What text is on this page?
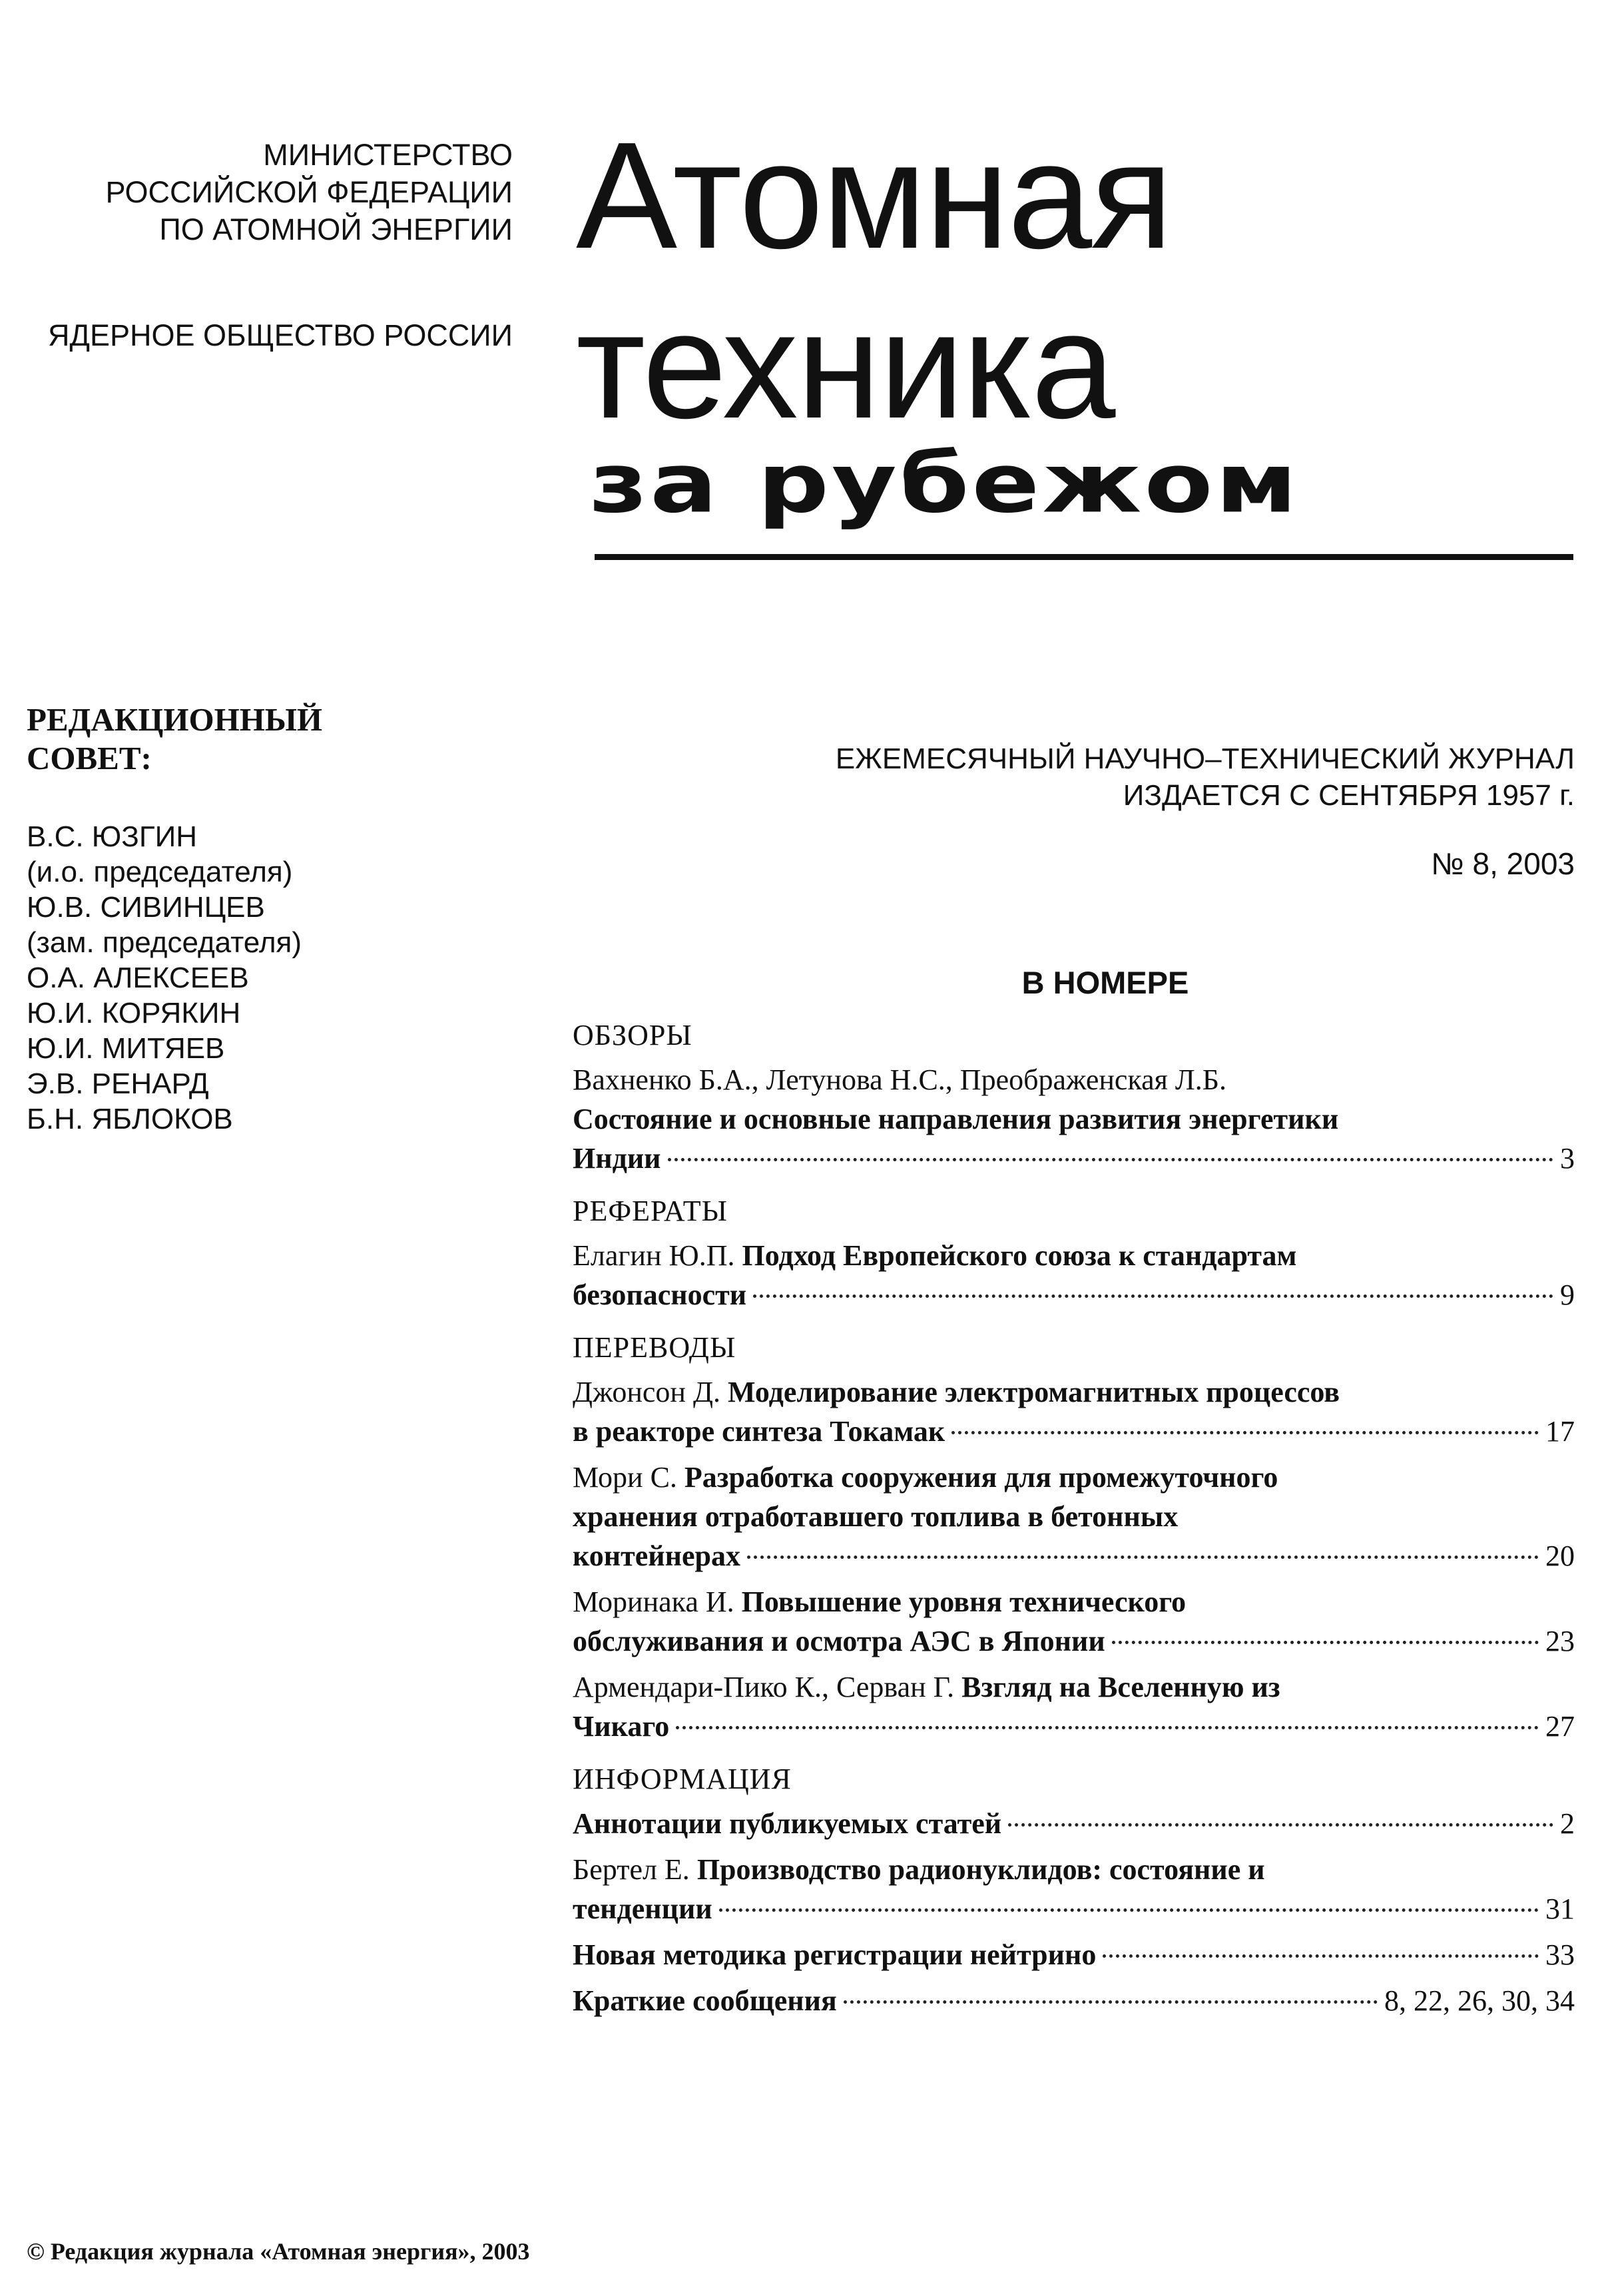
МИНИСТЕРСТВО
РОССИЙСКОЙ ФЕДЕРАЦИИ
ПО АТОМНОЙ ЭНЕРГИИ
ЯДЕРНОЕ ОБЩЕСТВО РОССИИ
Атомная
техника
за рубежом
РЕДАКЦИОННЫЙ
СОВЕТ:
В.С. ЮЗГИН
(и.о. председателя)
Ю.В. СИВИНЦЕВ
(зам. председателя)
О.А. АЛЕКСЕЕВ
Ю.И. КОРЯКИН
Ю.И. МИТЯЕВ
Э.В. РЕНАРД
Б.Н. ЯБЛОКОВ
ЕЖЕМЕСЯЧНЫЙ НАУЧНО–ТЕХНИЧЕСКИЙ ЖУРНАЛ
ИЗДАЕТСЯ С СЕНТЯБРЯ 1957 г.
№ 8, 2003
В НОМЕРЕ
ОБЗОРЫ
Вахненко Б.А., Летунова Н.С., Преображенская Л.Б.
Состояние и основные направления развития энергетики
Индии	3
РЕФЕРАТЫ
Елагин Ю.П. Подход Европейского союза к стандартам
безопасности	9
ПЕРЕВОДЫ
Джонсон Д. Моделирование электромагнитных процессов
в реакторе синтеза Токамак	17
Мори С. Разработка сооружения для промежуточного
хранения отработавшего топлива в бетонных
контейнерах	20
Моринака И. Повышение уровня технического
обслуживания и осмотра АЭС в Японии	23
Армендари-Пико К., Серван Г. Взгляд на Вселенную из
Чикаго	27
ИНФОРМАЦИЯ
Аннотации публикуемых статей	2
Бертел Е. Производство радионуклидов: состояние и
тенденции	31
Новая методика регистрации нейтрино	33
Краткие сообщения	8, 22, 26, 30, 34
© Редакция журнала «Атомная энергия», 2003
